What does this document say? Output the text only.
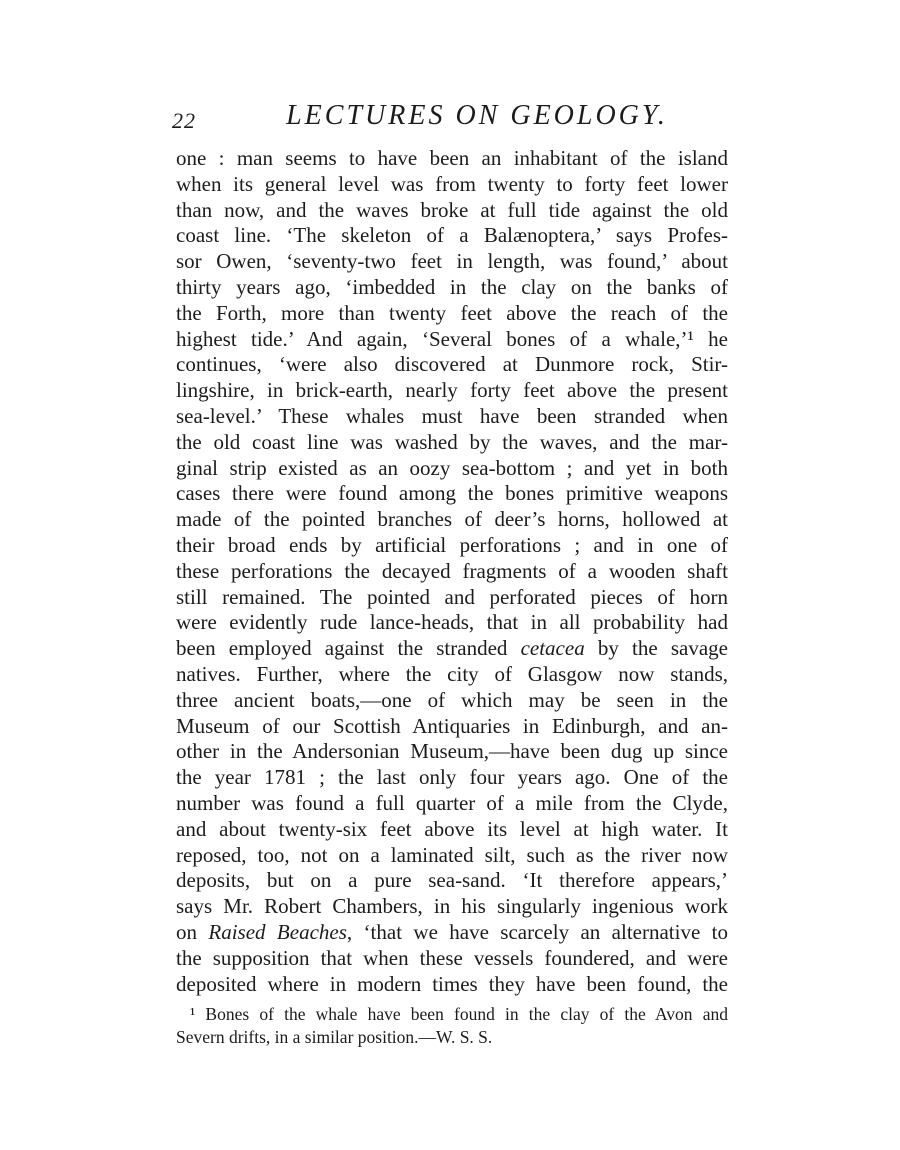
22	LECTURES ON GEOLOGY.
one : man seems to have been an inhabitant of the island
when its general level was from twenty to forty feet lower
than now, and the waves broke at full tide against the old
coast line. ‘The skeleton of a Balænoptera,’ says Profes-
sor Owen, ‘seventy-two feet in length, was found,’ about
thirty years ago, ‘imbedded in the clay on the banks of
the Forth, more than twenty feet above the reach of the
highest tide.’ And again, ‘Several bones of a whale,’¹ he
continues, ‘were also discovered at Dunmore rock, Stir-
lingshire, in brick-earth, nearly forty feet above the present
sea-level.’ These whales must have been stranded when
the old coast line was washed by the waves, and the mar-
ginal strip existed as an oozy sea-bottom ; and yet in both
cases there were found among the bones primitive weapons
made of the pointed branches of deer’s horns, hollowed at
their broad ends by artificial perforations ; and in one of
these perforations the decayed fragments of a wooden shaft
still remained. The pointed and perforated pieces of horn
were evidently rude lance-heads, that in all probability had
been employed against the stranded cetacea by the savage
natives. Further, where the city of Glasgow now stands,
three ancient boats,—one of which may be seen in the
Museum of our Scottish Antiquaries in Edinburgh, and an-
other in the Andersonian Museum,—have been dug up since
the year 1781 ; the last only four years ago. One of the
number was found a full quarter of a mile from the Clyde,
and about twenty-six feet above its level at high water. It
reposed, too, not on a laminated silt, such as the river now
deposits, but on a pure sea-sand. ‘It therefore appears,’
says Mr. Robert Chambers, in his singularly ingenious work
on Raised Beaches, ‘that we have scarcely an alternative to
the supposition that when these vessels foundered, and were
deposited where in modern times they have been found, the
¹ Bones of the whale have been found in the clay of the Avon and
Severn drifts, in a similar position.—W. S. S.
